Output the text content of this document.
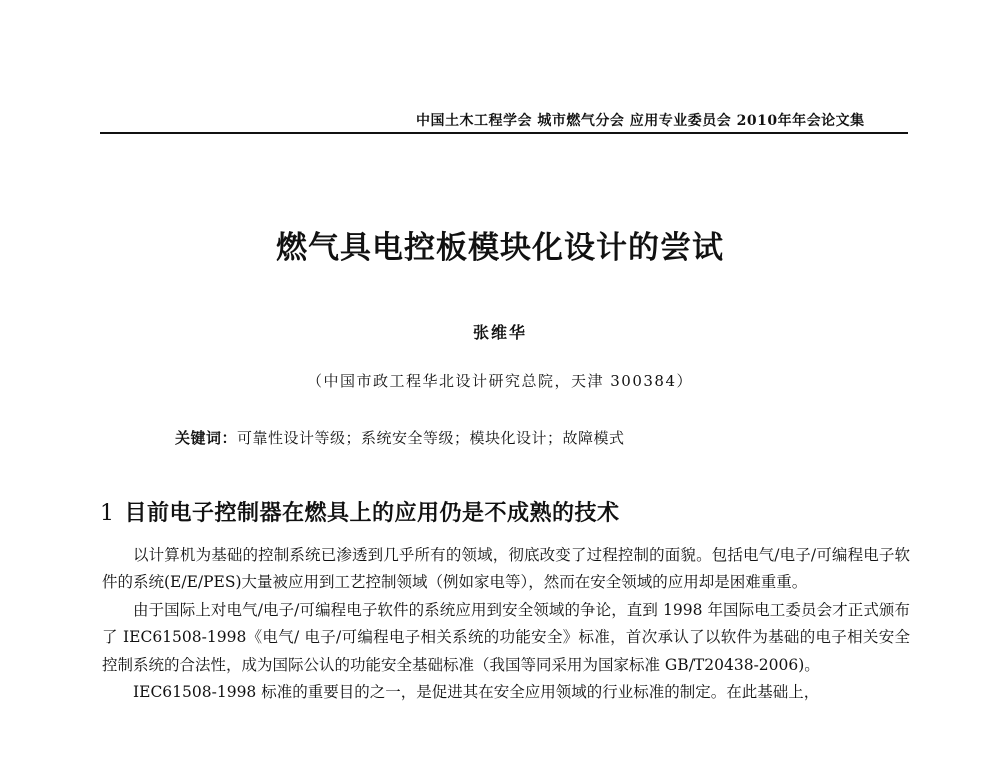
中国土木工程学会 城市燃气分会 应用专业委员会 2010年年会论文集
燃气具电控板模块化设计的尝试
张维华
（中国市政工程华北设计研究总院，天津 300384）
关键词：可靠性设计等级；系统安全等级；模块化设计；故障模式
1 目前电子控制器在燃具上的应用仍是不成熟的技术

以计算机为基础的控制系统已渗透到几乎所有的领域，彻底改变了过程控制的面貌。包括电气/电子/可编程电子软件的系统(E/E/PES)大量被应用到工艺控制领域（例如家电等），然而在安全领域的应用却是困难重重。

由于国际上对电气/电子/可编程电子软件的系统应用到安全领域的争论，直到 1998 年国际电工委员会才正式颁布了 IEC61508-1998《电气/ 电子/可编程电子相关系统的功能安全》标准，首次承认了以软件为基础的电子相关安全控制系统的合法性，成为国际公认的功能安全基础标准（我国等同采用为国家标准 GB/T20438-2006)。

IEC61508-1998 标准的重要目的之一，是促进其在安全应用领域的行业标准的制定。在此基础上，
